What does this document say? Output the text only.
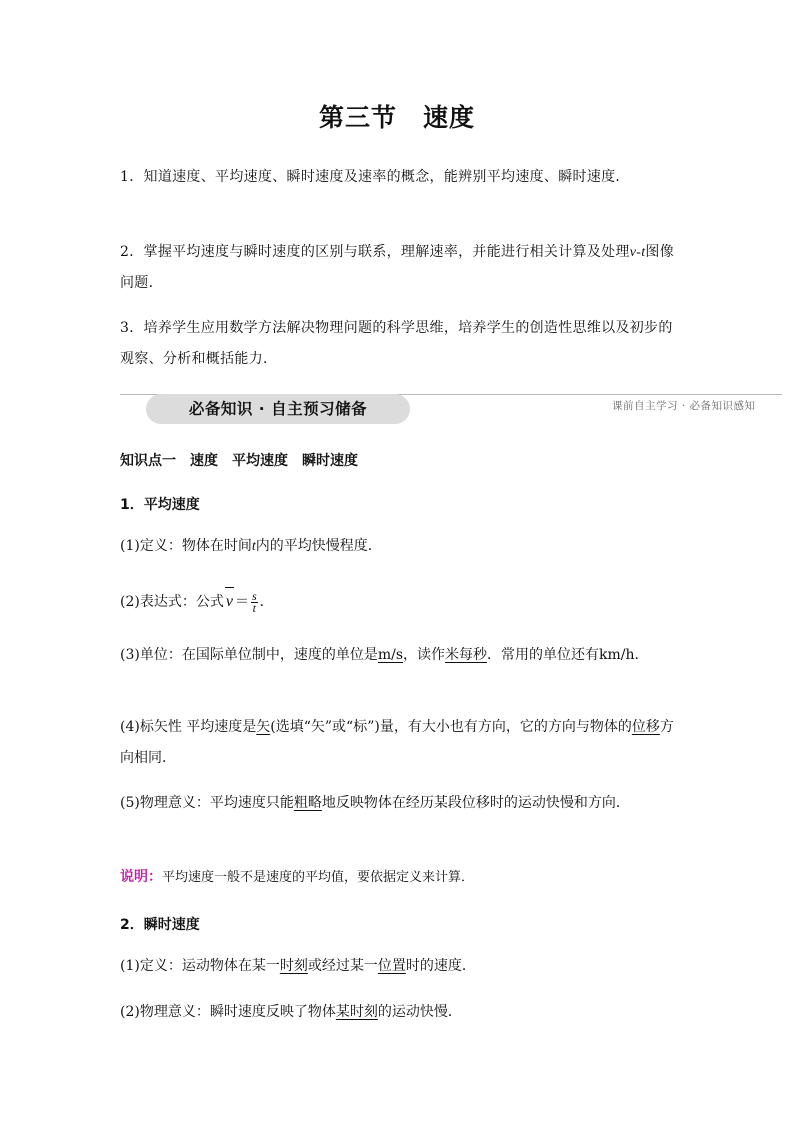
第三节 速度
1．知道速度、平均速度、瞬时速度及速率的概念，能辨别平均速度、瞬时速度．
2．掌握平均速度与瞬时速度的区别与联系，理解速率，并能进行相关计算及处理v-t图像问题．
3．培养学生应用数学方法解决物理问题的科学思维，培养学生的创造性思维以及初步的观察、分析和概括能力．
必备知识 · 自主预习储备	课前自主学习 · 必备知识感知
知识点一 速度 平均速度 瞬时速度
1．平均速度
(1)定义：物体在时间t内的平均快慢程度．
(2)表达式：公式 $v = \frac{s}{t}$ ．
(3)单位：在国际单位制中，速度的单位是m/s，读作米每秒．常用的单位还有km/h．
(4)标矢性 平均速度是矢(选填“矢”或“标”)量，有大小也有方向，它的方向与物体的位移方向相同．
(5)物理意义：平均速度只能粗略地反映物体在经历某段位移时的运动快慢和方向．
说明：平均速度一般不是速度的平均值，要依据定义来计算．
2．瞬时速度
(1)定义：运动物体在某一时刻或经过某一位置时的速度．
(2)物理意义：瞬时速度反映了物体某时刻的运动快慢．
